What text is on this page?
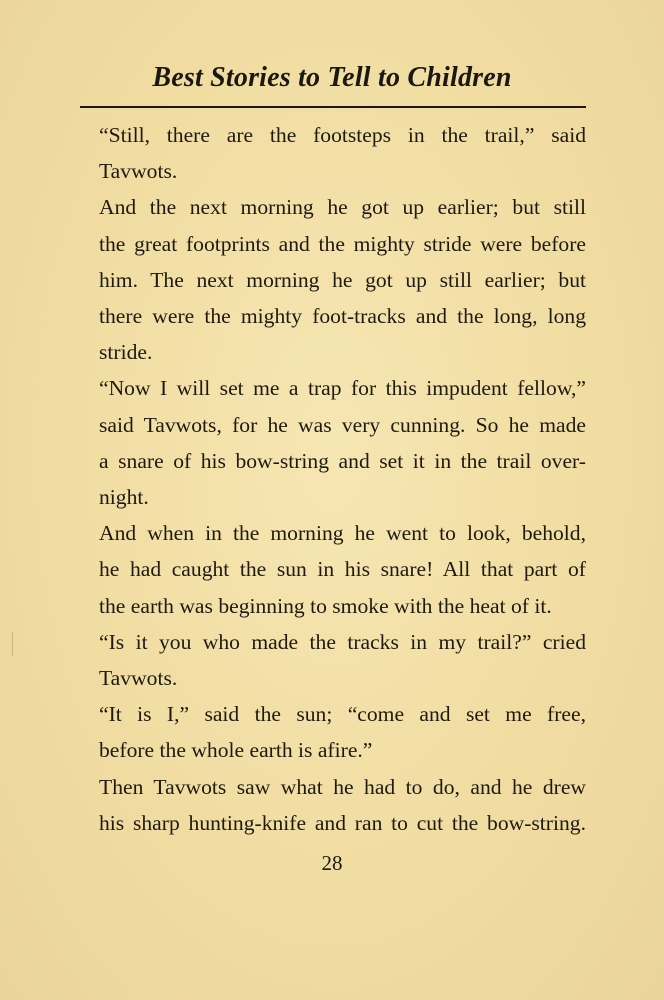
Best Stories to Tell to Children

“Still, there are the footsteps in the trail,” said
Tavwots.

And the next morning he got up earlier; but still
the great footprints and the mighty stride were before
him. The next morning he got up still earlier; but
there were the mighty foot-tracks and the long, long
stride.

“Now I will set me a trap for this impudent fellow,”
said Tavwots, for he was very cunning. So he made
a snare of his bow-string and set it in the trail over-
night.

And when in the morning he went to look, behold,
he had caught the sun in his snare! All that part of
the earth was beginning to smoke with the heat of it.

“Is it you who made the tracks in my trail?” cried
Tavwots.

“It is I,” said the sun; “come and set me free,
before the whole earth is afire.”

Then Tavwots saw what he had to do, and he drew
his sharp hunting-knife and ran to cut the bow-string.

28
